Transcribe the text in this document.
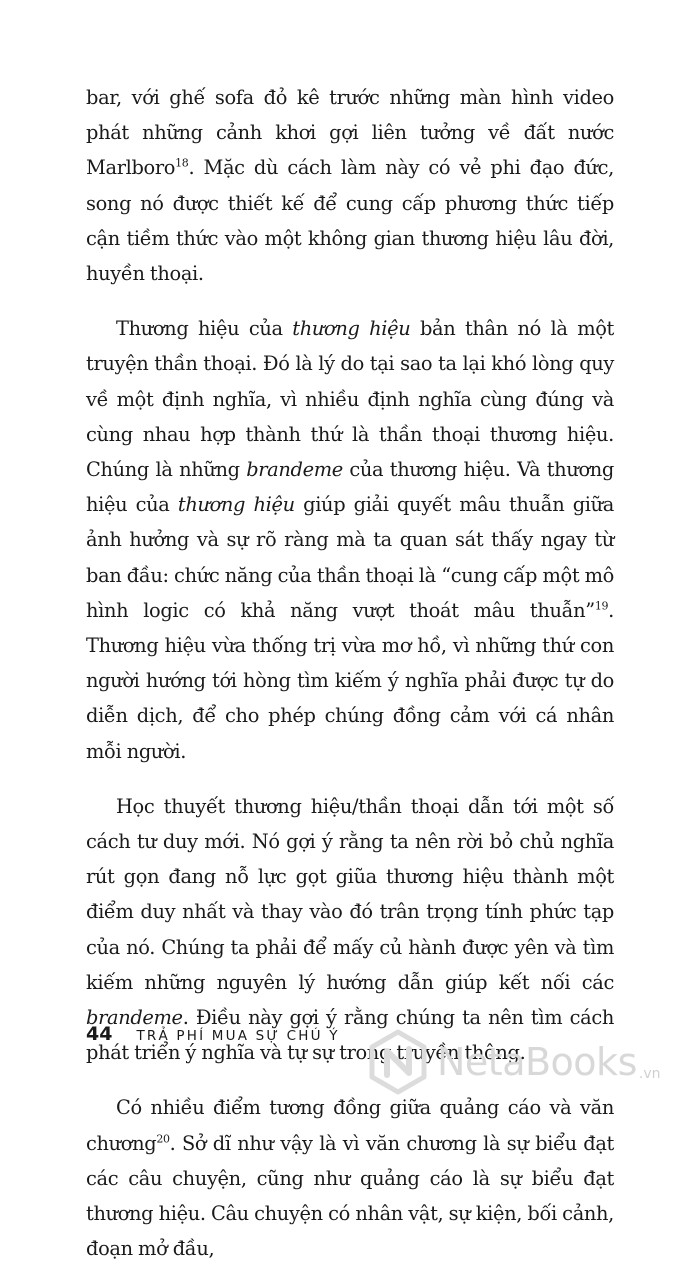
bar, với ghế sofa đỏ kê trước những màn hình video phát những cảnh khơi gợi liên tưởng về đất nước Marlboro$^{18}$. Mặc dù cách làm này có vẻ phi đạo đức, song nó được thiết kế để cung cấp phương thức tiếp cận tiềm thức vào một không gian thương hiệu lâu đời, huyền thoại.

Thương hiệu của thương hiệu bản thân nó là một truyện thần thoại. Đó là lý do tại sao ta lại khó lòng quy về một định nghĩa, vì nhiều định nghĩa cùng đúng và cùng nhau hợp thành thứ là thần thoại thương hiệu. Chúng là những brandeme của thương hiệu. Và thương hiệu của thương hiệu giúp giải quyết mâu thuẫn giữa ảnh hưởng và sự rõ ràng mà ta quan sát thấy ngay từ ban đầu: chức năng của thần thoại là “cung cấp một mô hình logic có khả năng vượt thoát mâu thuẫn”$^{19}$. Thương hiệu vừa thống trị vừa mơ hồ, vì những thứ con người hướng tới hòng tìm kiếm ý nghĩa phải được tự do diễn dịch, để cho phép chúng đồng cảm với cá nhân mỗi người.

Học thuyết thương hiệu/thần thoại dẫn tới một số cách tư duy mới. Nó gợi ý rằng ta nên rời bỏ chủ nghĩa rút gọn đang nỗ lực gọt giũa thương hiệu thành một điểm duy nhất và thay vào đó trân trọng tính phức tạp của nó. Chúng ta phải để mấy củ hành được yên và tìm kiếm những nguyên lý hướng dẫn giúp kết nối các brandeme. Điều này gợi ý rằng chúng ta nên tìm cách phát triển ý nghĩa và tự sự trong truyền thông.

Có nhiều điểm tương đồng giữa quảng cáo và văn chương$^{20}$. Sở dĩ như vậy là vì văn chương là sự biểu đạt các câu chuyện, cũng như quảng cáo là sự biểu đạt thương hiệu. Câu chuyện có nhân vật, sự kiện, bối cảnh, đoạn mở đầu,

44 TRẢ PHÍ MUA SỰ CHÚ Ý
NetaBooks .vn
